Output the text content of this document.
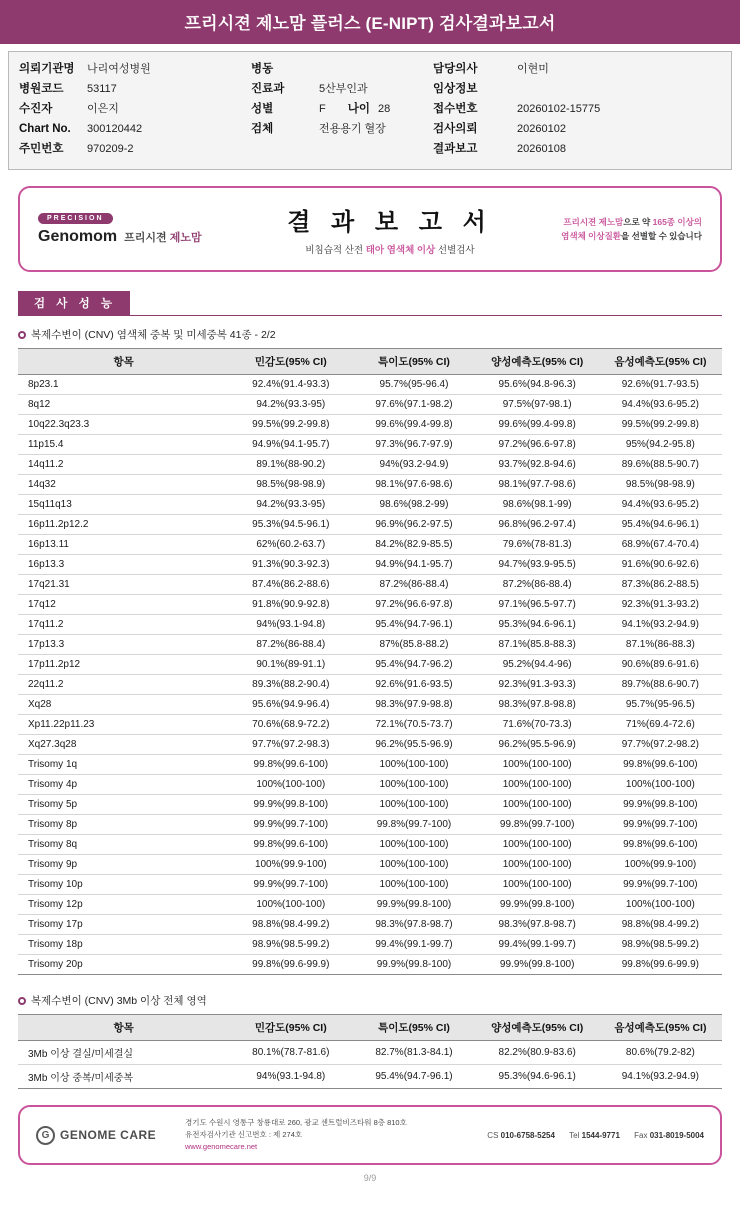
프리시젼 제노맘 플러스 (E-NIPT) 검사결과보고서
의뢰기관명	나리여성병원
병원코드	53117
수진자	이은지
Chart No.	300120442
주민번호	970209-2
병동
진료과	5산부인과
성별	F 나이 28
검체	전용용기 혈장
담당의사	이현미
임상정보
접수번호	20260102-15775
검사의뢰	20260102
결과보고	20260108
PRECISION
Genomom 프리시젼 제노맘
결 과 보 고 서
비침습적 산전 태아 염색체 이상 선별검사
프리시젼 제노맘으로 약 165종 이상의
염색체 이상질환을 선별할 수 있습니다
검 사 성 능
복제수변이 (CNV) 염색체 중복 및 미세중복 41종 - 2/2
항목	민감도(95% CI)	특이도(95% CI)	양성예측도(95% CI)	음성예측도(95% CI)
8p23.1	92.4%(91.4-93.3)	95.7%(95-96.4)	95.6%(94.8-96.3)	92.6%(91.7-93.5)
8q12	94.2%(93.3-95)	97.6%(97.1-98.2)	97.5%(97-98.1)	94.4%(93.6-95.2)
10q22.3q23.3	99.5%(99.2-99.8)	99.6%(99.4-99.8)	99.6%(99.4-99.8)	99.5%(99.2-99.8)
11p15.4	94.9%(94.1-95.7)	97.3%(96.7-97.9)	97.2%(96.6-97.8)	95%(94.2-95.8)
14q11.2	89.1%(88-90.2)	94%(93.2-94.9)	93.7%(92.8-94.6)	89.6%(88.5-90.7)
14q32	98.5%(98-98.9)	98.1%(97.6-98.6)	98.1%(97.7-98.6)	98.5%(98-98.9)
15q11q13	94.2%(93.3-95)	98.6%(98.2-99)	98.6%(98.1-99)	94.4%(93.6-95.2)
16p11.2p12.2	95.3%(94.5-96.1)	96.9%(96.2-97.5)	96.8%(96.2-97.4)	95.4%(94.6-96.1)
16p13.11	62%(60.2-63.7)	84.2%(82.9-85.5)	79.6%(78-81.3)	68.9%(67.4-70.4)
16p13.3	91.3%(90.3-92.3)	94.9%(94.1-95.7)	94.7%(93.9-95.5)	91.6%(90.6-92.6)
17q21.31	87.4%(86.2-88.6)	87.2%(86-88.4)	87.2%(86-88.4)	87.3%(86.2-88.5)
17q12	91.8%(90.9-92.8)	97.2%(96.6-97.8)	97.1%(96.5-97.7)	92.3%(91.3-93.2)
17q11.2	94%(93.1-94.8)	95.4%(94.7-96.1)	95.3%(94.6-96.1)	94.1%(93.2-94.9)
17p13.3	87.2%(86-88.4)	87%(85.8-88.2)	87.1%(85.8-88.3)	87.1%(86-88.3)
17p11.2p12	90.1%(89-91.1)	95.4%(94.7-96.2)	95.2%(94.4-96)	90.6%(89.6-91.6)
22q11.2	89.3%(88.2-90.4)	92.6%(91.6-93.5)	92.3%(91.3-93.3)	89.7%(88.6-90.7)
Xq28	95.6%(94.9-96.4)	98.3%(97.9-98.8)	98.3%(97.8-98.8)	95.7%(95-96.5)
Xp11.22p11.23	70.6%(68.9-72.2)	72.1%(70.5-73.7)	71.6%(70-73.3)	71%(69.4-72.6)
Xq27.3q28	97.7%(97.2-98.3)	96.2%(95.5-96.9)	96.2%(95.5-96.9)	97.7%(97.2-98.2)
Trisomy 1q	99.8%(99.6-100)	100%(100-100)	100%(100-100)	99.8%(99.6-100)
Trisomy 4p	100%(100-100)	100%(100-100)	100%(100-100)	100%(100-100)
Trisomy 5p	99.9%(99.8-100)	100%(100-100)	100%(100-100)	99.9%(99.8-100)
Trisomy 8p	99.9%(99.7-100)	99.8%(99.7-100)	99.8%(99.7-100)	99.9%(99.7-100)
Trisomy 8q	99.8%(99.6-100)	100%(100-100)	100%(100-100)	99.8%(99.6-100)
Trisomy 9p	100%(99.9-100)	100%(100-100)	100%(100-100)	100%(99.9-100)
Trisomy 10p	99.9%(99.7-100)	100%(100-100)	100%(100-100)	99.9%(99.7-100)
Trisomy 12p	100%(100-100)	99.9%(99.8-100)	99.9%(99.8-100)	100%(100-100)
Trisomy 17p	98.8%(98.4-99.2)	98.3%(97.8-98.7)	98.3%(97.8-98.7)	98.8%(98.4-99.2)
Trisomy 18p	98.9%(98.5-99.2)	99.4%(99.1-99.7)	99.4%(99.1-99.7)	98.9%(98.5-99.2)
Trisomy 20p	99.8%(99.6-99.9)	99.9%(99.8-100)	99.9%(99.8-100)	99.8%(99.6-99.9)
복제수변이 (CNV) 3Mb 이상 전체 영역
항목	민감도(95% CI)	특이도(95% CI)	양성예측도(95% CI)	음성예측도(95% CI)
3Mb 이상 결실/미세결실	80.1%(78.7-81.6)	82.7%(81.3-84.1)	82.2%(80.9-83.6)	80.6%(79.2-82)
3Mb 이상 중복/미세중복	94%(93.1-94.8)	95.4%(94.7-96.1)	95.3%(94.6-96.1)	94.1%(93.2-94.9)
G GENOME CARE
경기도 수원시 영통구 창룡대로 260, 광교 센트럴비즈타워 8층 810호
유전자검사기관 신고번호 : 제 274호
www.genomecare.net
CS 010-6758-5254 Tel 1544-9771 Fax 031-8019-5004
9/9
